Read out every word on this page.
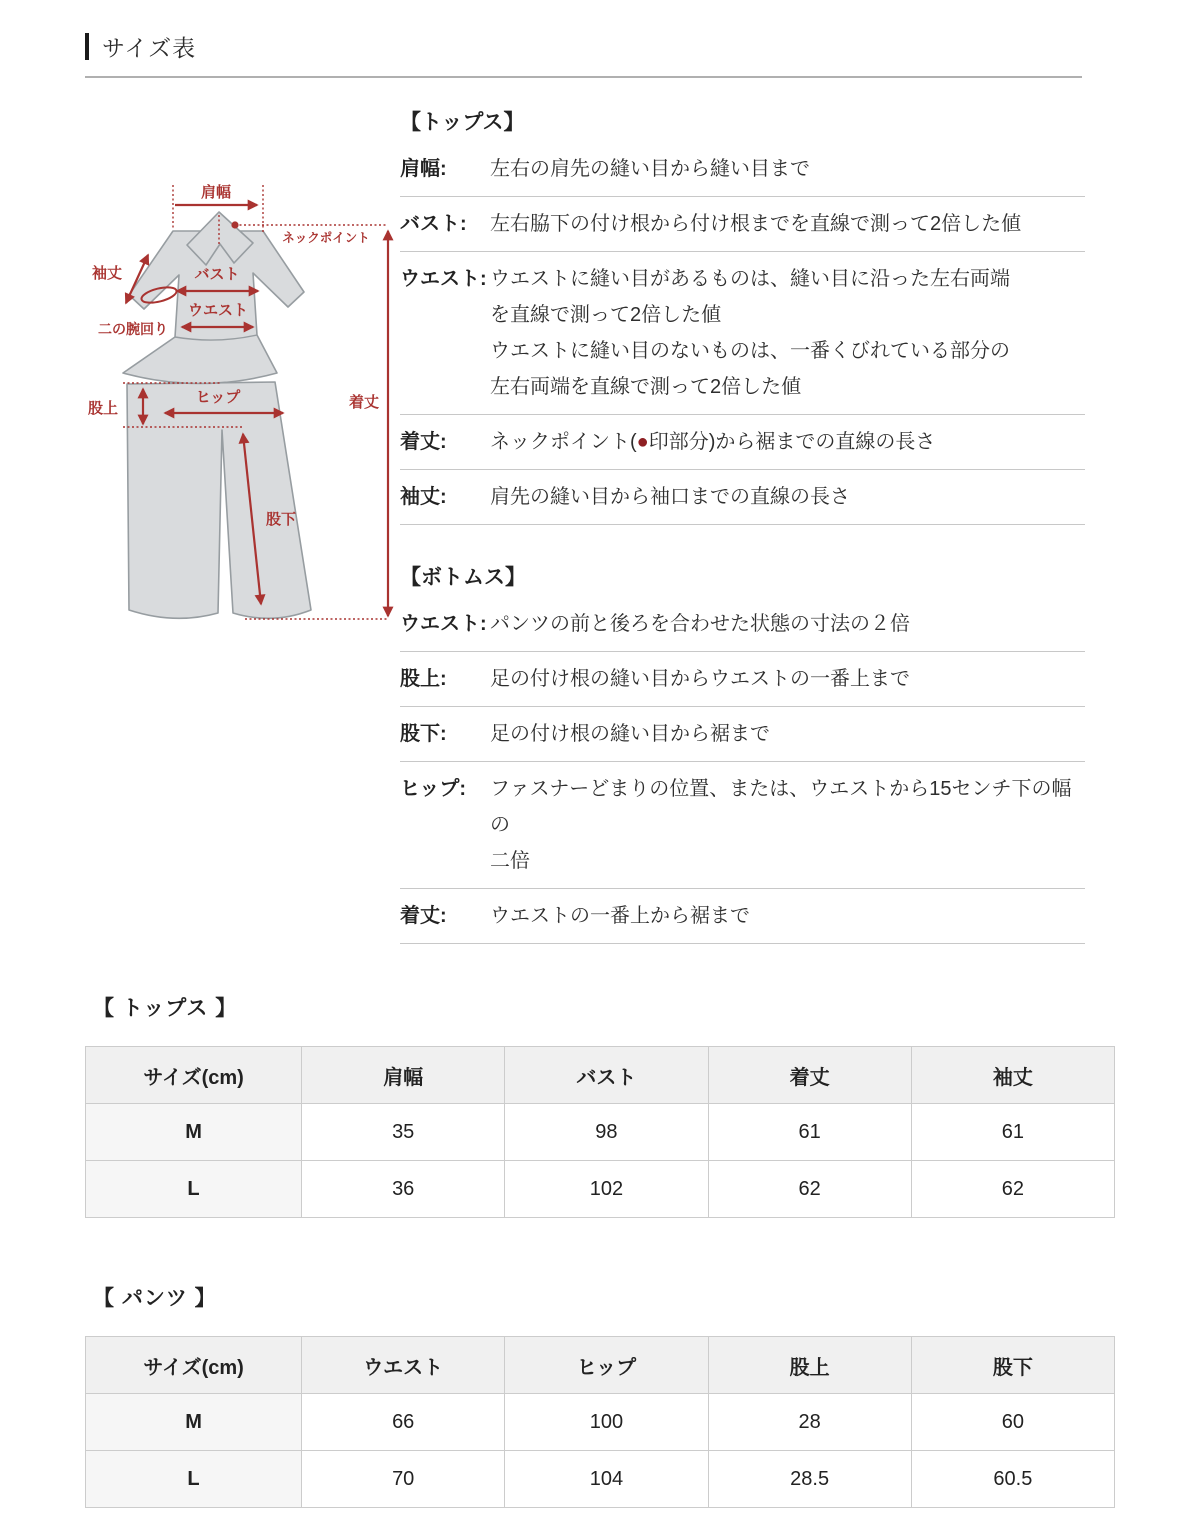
サイズ表
肩幅
ネックポイント
袖丈	バスト
ウエスト
二の腕回り
股上
ヒップ
股下
着丈
【トップス】
肩幅:	左右の肩先の縫い目から縫い目まで
バスト:	左右脇下の付け根から付け根までを直線で測って2倍した値
ウエスト: ウエストに縫い目があるものは、縫い目に沿った左右両端
を直線で測って2倍した値
ウエストに縫い目のないものは、一番くびれている部分の
左右両端を直線で測って2倍した値
着丈:	ネックポイント(●印部分)から裾までの直線の長さ
袖丈:	肩先の縫い目から袖口までの直線の長さ
【ボトムス】
ウエスト: パンツの前と後ろを合わせた状態の寸法の２倍
股上:	足の付け根の縫い目からウエストの一番上まで
股下:	足の付け根の縫い目から裾まで
ヒップ:	ファスナーどまりの位置、または、ウエストから15センチ下の幅の
二倍
着丈:	ウエストの一番上から裾まで
【 トップス 】
サイズ(cm)	肩幅	バスト	着丈	袖丈
M	35	98	61	61
L	36	102	62	62
【 パンツ 】
サイズ(cm)	ウエスト	ヒップ	股上	股下
M	66	100	28	60
L	70	104	28.5	60.5
